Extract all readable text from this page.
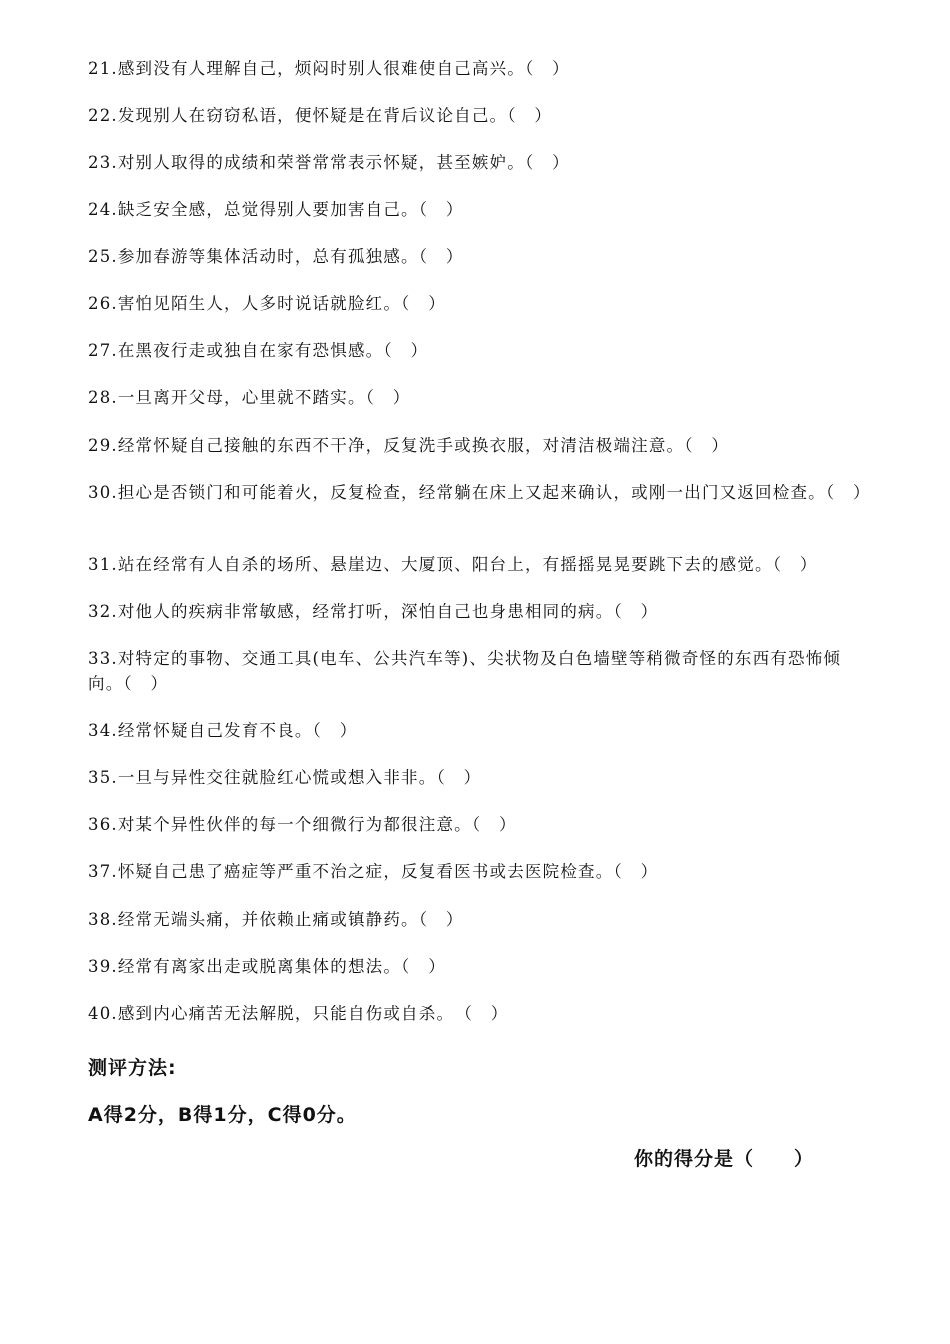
21.感到没有人理解自己，烦闷时别人很难使自己高兴。（　）
22.发现别人在窃窃私语，便怀疑是在背后议论自己。（　）
23.对别人取得的成绩和荣誉常常表示怀疑，甚至嫉妒。（　）
24.缺乏安全感，总觉得别人要加害自己。（　）
25.参加春游等集体活动时，总有孤独感。（　）
26.害怕见陌生人，人多时说话就脸红。（　）
27.在黑夜行走或独自在家有恐惧感。（　）
28.一旦离开父母，心里就不踏实。（　）
29.经常怀疑自己接触的东西不干净，反复洗手或换衣服，对清洁极端注意。（　）
30.担心是否锁门和可能着火，反复检查，经常躺在床上又起来确认，或刚一出门又返回检查。（　）
31.站在经常有人自杀的场所、悬崖边、大厦顶、阳台上，有摇摇晃晃要跳下去的感觉。（　）
32.对他人的疾病非常敏感，经常打听，深怕自己也身患相同的病。（　）
33.对特定的事物、交通工具(电车、公共汽车等)、尖状物及白色墙壁等稍微奇怪的东西有恐怖倾向。（　）
34.经常怀疑自己发育不良。（　）
35.一旦与异性交往就脸红心慌或想入非非。（　）
36.对某个异性伙伴的每一个细微行为都很注意。（　）
37.怀疑自己患了癌症等严重不治之症，反复看医书或去医院检查。（　）
38.经常无端头痛，并依赖止痛或镇静药。（　）
39.经常有离家出走或脱离集体的想法。（　）
40.感到内心痛苦无法解脱，只能自伤或自杀。　（　）
测评方法:
A得2分，B得1分，C得0分。
你的得分是（　　）
